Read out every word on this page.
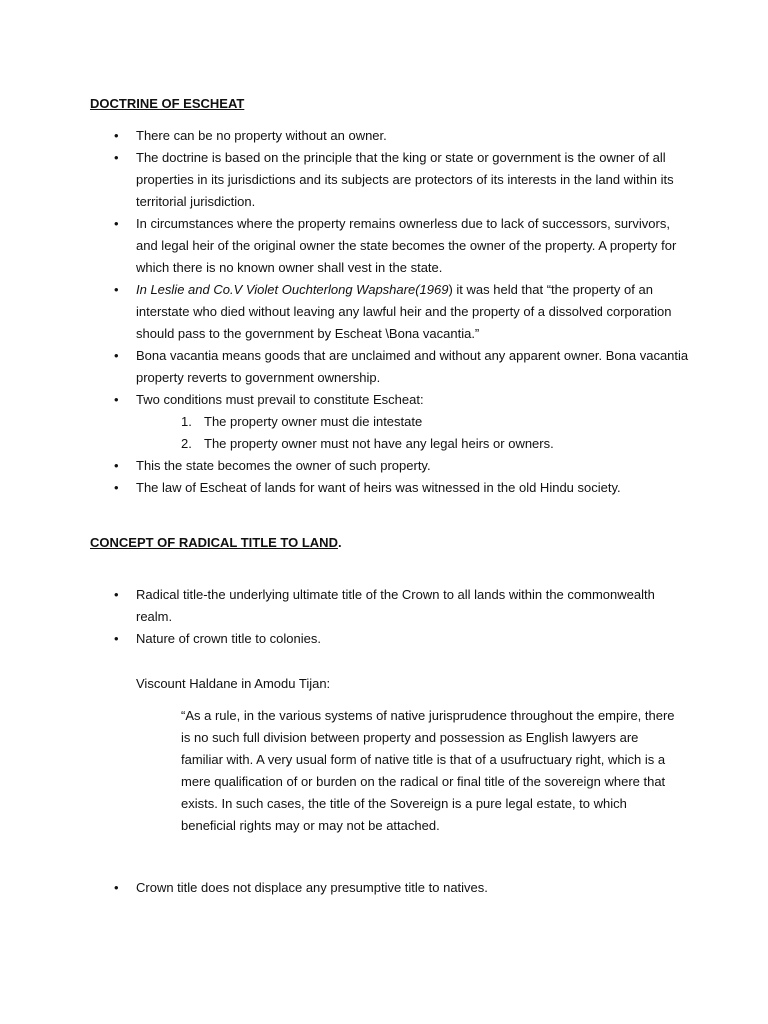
DOCTRINE OF ESCHEAT
• There can be no property without an owner.
• The doctrine is based on the principle that the king or state or government is the owner of all properties in its jurisdictions and its subjects are protectors of its interests in the land within its territorial jurisdiction.
• In circumstances where the property remains ownerless due to lack of successors, survivors, and legal heir of the original owner the state becomes the owner of the property. A property for which there is no known owner shall vest in the state.
• In Leslie and Co.V Violet Ouchterlong Wapshare(1969) it was held that “the property of an interstate who died without leaving any lawful heir and the property of a dissolved corporation should pass to the government by Escheat \Bona vacantia.”
• Bona vacantia means goods that are unclaimed and without any apparent owner. Bona vacantia property reverts to government ownership.
• Two conditions must prevail to constitute Escheat:
1. The property owner must die intestate
2. The property owner must not have any legal heirs or owners.
• This the state becomes the owner of such property.
• The law of Escheat of lands for want of heirs was witnessed in the old Hindu society.
CONCEPT OF RADICAL TITLE TO LAND.
• Radical title-the underlying ultimate title of the Crown to all lands within the commonwealth realm.
• Nature of crown title to colonies.
Viscount Haldane in Amodu Tijan:
“As a rule, in the various systems of native jurisprudence throughout the empire, there is no such full division between property and possession as English lawyers are familiar with. A very usual form of native title is that of a usufructuary right, which is a mere qualification of or burden on the radical or final title of the sovereign where that exists. In such cases, the title of the Sovereign is a pure legal estate, to which beneficial rights may or may not be attached.
• Crown title does not displace any presumptive title to natives.
